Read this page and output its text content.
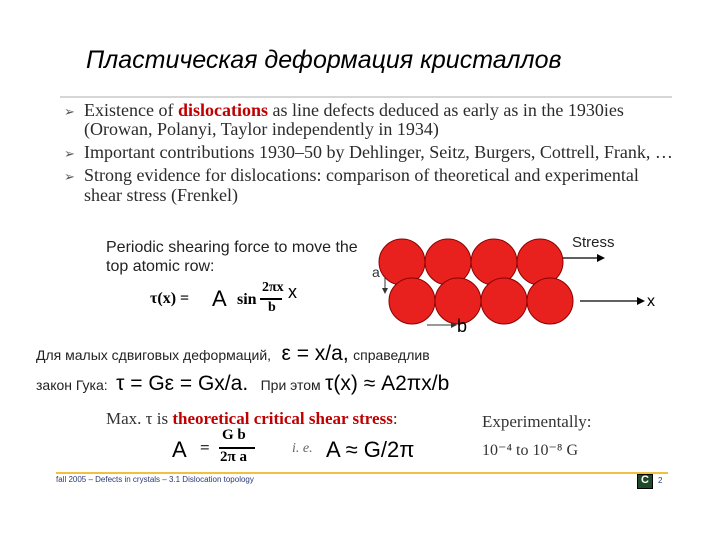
Пластическая деформация кристаллов
➢ Existence of dislocations as line defects deduced as early as in the 1930ies
(Orowan, Polanyi, Taylor independently in 1934)
➢ Important contributions 1930–50 by Dehlinger, Seitz, Burgers, Cottrell, Frank, …
➢ Strong evidence for dislocations: comparison of theoretical and experimental
shear stress (Frenkel)
Periodic shearing force to move the
top atomic row:
τ(x) = A sin
2πx
b
x
Stress
a
b
x
Для малых сдвиговых деформаций, ε = x/a, справедлив
закон Гука: τ = Gε = Gx/a. При этом τ(x) ≈ A2πx/b
Max. τ is theoretical critical shear stress:
A =
G b
2π a
i. e. A ≈ G/2π
Experimentally:
10⁻⁴ to 10⁻⁸ G
fall 2005 – Defects in crystals – 3.1 Dislocation topology	C 2
